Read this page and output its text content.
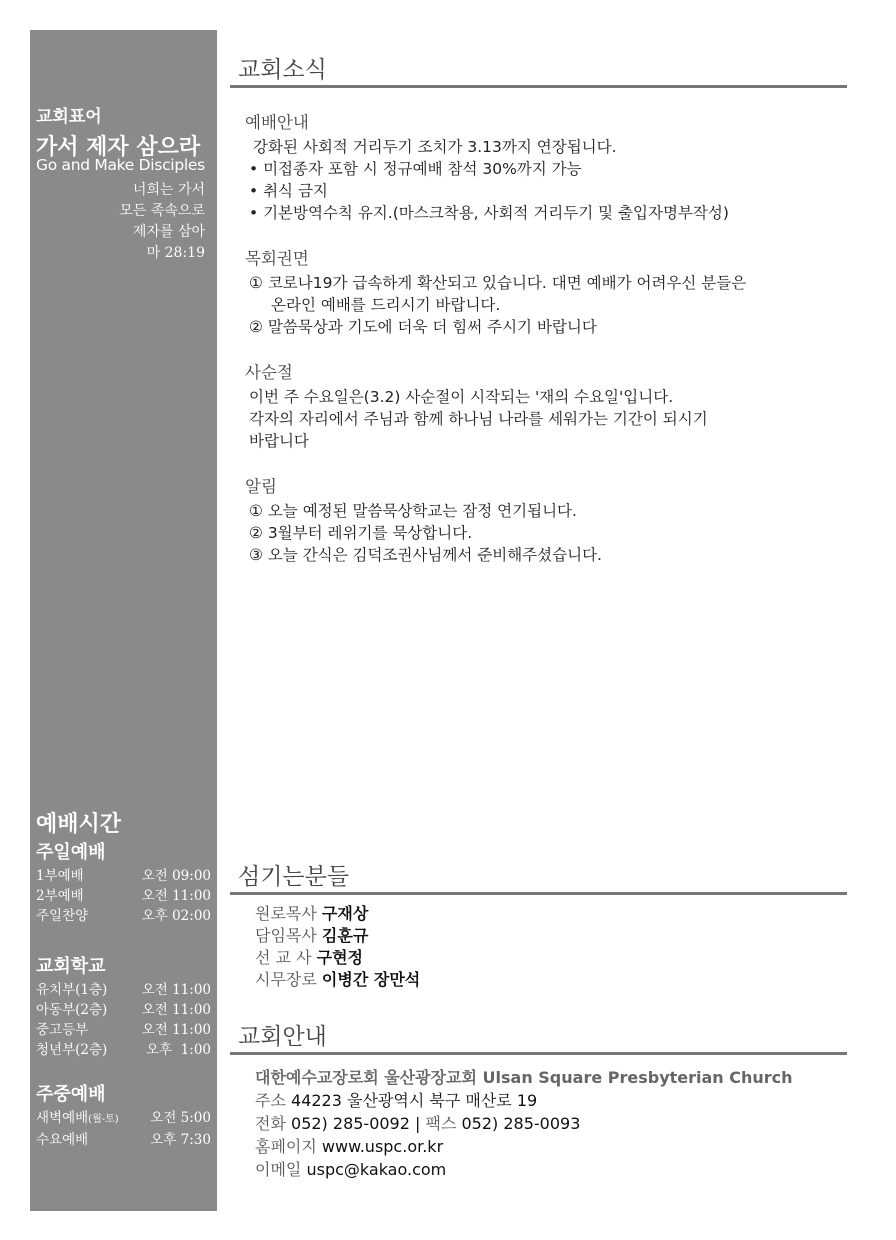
교회표어
가서 제자 삼으라
Go and Make Disciples
너희는 가서
모든 족속으로
제자를 삼아
마 28:19
예배시간
주일예배
1부예배	오전 09:00
2부예배	오전 11:00
주일찬양	오후 02:00
교회학교
유치부(1층)	오전 11:00
아동부(2층)	오전 11:00
중고등부	오전 11:00
청년부(2층)	오후  1:00
주중예배
새벽예배(월-토) 오전 5:00
수요예배	오후 7:30
교회소식
예배안내
강화된 사회적 거리두기 조치가 3.13까지 연장됩니다.
• 미접종자 포함 시 정규예배 참석 30%까지 가능
• 취식 금지
• 기본방역수칙 유지.(마스크착용, 사회적 거리두기 및 출입자명부작성)
목회권면
① 코로나19가 급속하게 확산되고 있습니다. 대면 예배가 어려우신 분들은
온라인 예배를 드리시기 바랍니다.
② 말씀묵상과 기도에 더욱 더 힘써 주시기 바랍니다
사순절
이번 주 수요일은(3.2) 사순절이 시작되는 '재의 수요일'입니다.
각자의 자리에서 주님과 함께 하나님 나라를 세워가는 기간이 되시기
바랍니다
알림
① 오늘 예정된 말씀묵상학교는 잠정 연기됩니다.
② 3월부터 레위기를 묵상합니다.
③ 오늘 간식은 김덕조권사님께서 준비해주셨습니다.
섬기는분들
원로목사 구재상
담임목사 김훈규
선 교 사 구현정
시무장로 이병간 장만석
교회안내
대한예수교장로회 울산광장교회 Ulsan Square Presbyterian Church
주소 44223 울산광역시 북구 매산로 19
전화 052) 285-0092 | 팩스 052) 285-0093
홈페이지 www.uspc.or.kr
이메일 uspc@kakao.com
